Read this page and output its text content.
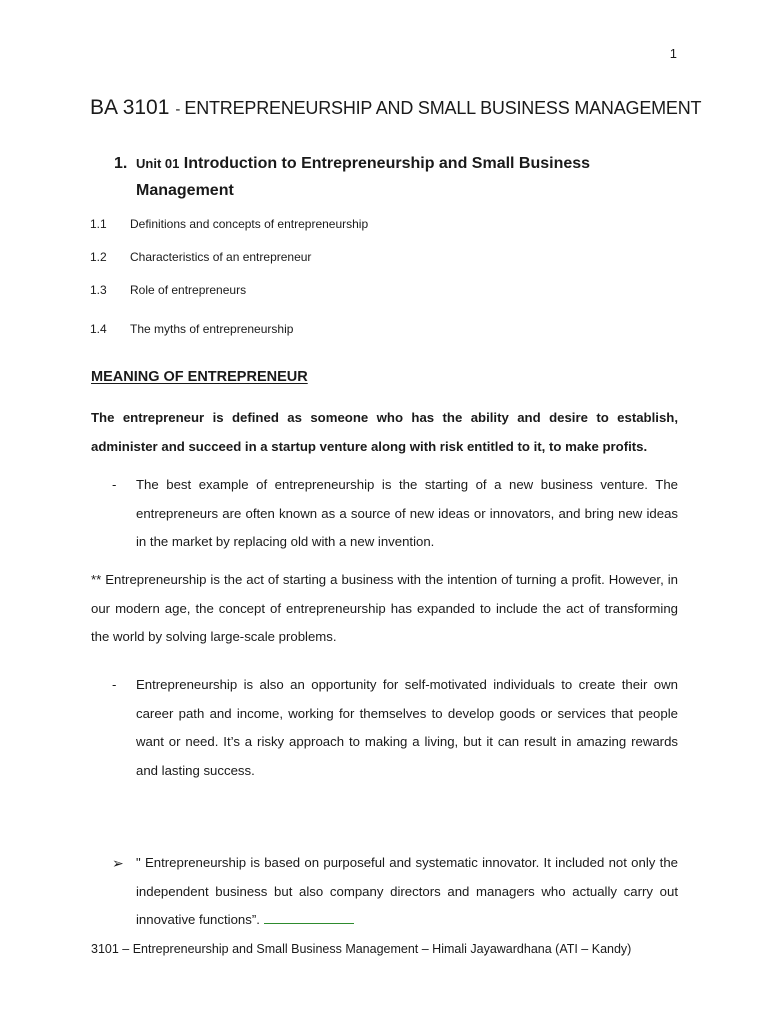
1
BA 3101 - ENTREPRENEURSHIP AND SMALL BUSINESS MANAGEMENT
1. Unit 01 Introduction to Entrepreneurship and Small Business Management
1.1 Definitions and concepts of entrepreneurship
1.2 Characteristics of an entrepreneur
1.3 Role of entrepreneurs
1.4 The myths of entrepreneurship
MEANING OF ENTREPRENEUR
The entrepreneur is defined as someone who has the ability and desire to establish, administer and succeed in a startup venture along with risk entitled to it, to make profits.
- The best example of entrepreneurship is the starting of a new business venture. The entrepreneurs are often known as a source of new ideas or innovators, and bring new ideas in the market by replacing old with a new invention.
** Entrepreneurship is the act of starting a business with the intention of turning a profit. However, in our modern age, the concept of entrepreneurship has expanded to include the act of transforming the world by solving large-scale problems.
- Entrepreneurship is also an opportunity for self-motivated individuals to create their own career path and income, working for themselves to develop goods or services that people want or need. It’s a risky approach to making a living, but it can result in amazing rewards and lasting success.
➢ " Entrepreneurship is based on purposeful and systematic innovator. It included not only the independent business but also company directors and managers who actually carry out innovative functions”.
3101 – Entrepreneurship and Small Business Management – Himali Jayawardhana (ATI – Kandy)
